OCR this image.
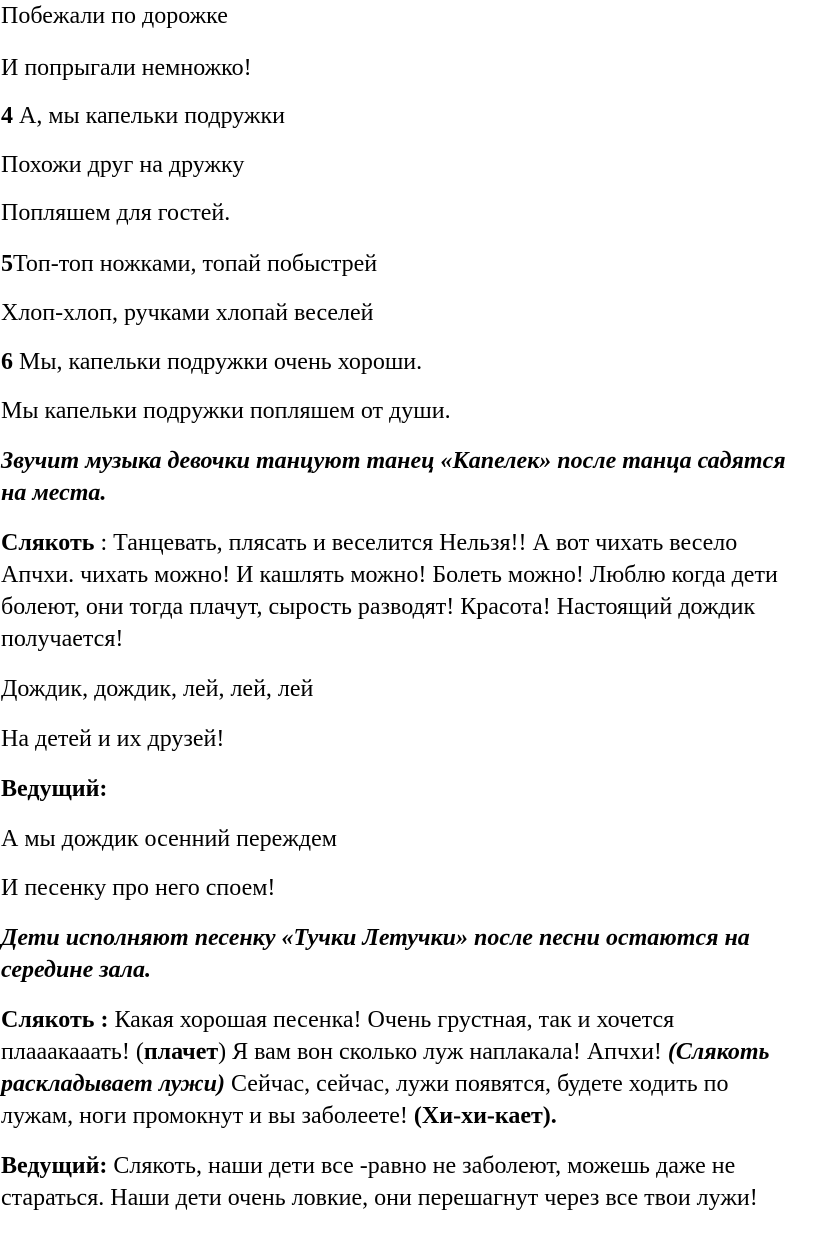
Побежали по дорожке

И попрыгали немножко!

4 А, мы капельки подружки

Похожи друг на дружку

Попляшем для гостей.

5Топ-топ ножками, топай побыстрей

Хлоп-хлоп, ручками хлопай веселей

6 Мы, капельки подружки очень хороши.

Мы капельки подружки попляшем от души.

Звучит музыка девочки танцуют танец «Капелек» после танца садятся

на места.

Слякоть : Танцевать, плясать и веселится Нельзя!! А вот чихать весело

Апчхи. чихать можно! И кашлять можно! Болеть можно! Люблю когда дети

болеют, они тогда плачут, сырость разводят! Красота! Настоящий дождик

получается!

Дождик, дождик, лей, лей, лей

На детей и их друзей!

Ведущий:

А мы дождик осенний переждем

И песенку про него споем!

Дети исполняют песенку «Тучки Летучки» после песни остаются на

середине зала.

Слякоть : Какая хорошая песенка! Очень грустная, так и хочется

плааакааать! (плачет) Я вам вон сколько луж наплакала! Апчхи! (Слякоть

раскладывает лужи) Сейчас, сейчас, лужи появятся, будете ходить по

лужам, ноги промокнут и вы заболеете! (Хи-хи-кает).

Ведущий: Слякоть, наши дети все -равно не заболеют, можешь даже не

стараться. Наши дети очень ловкие, они перешагнут через все твои лужи!
